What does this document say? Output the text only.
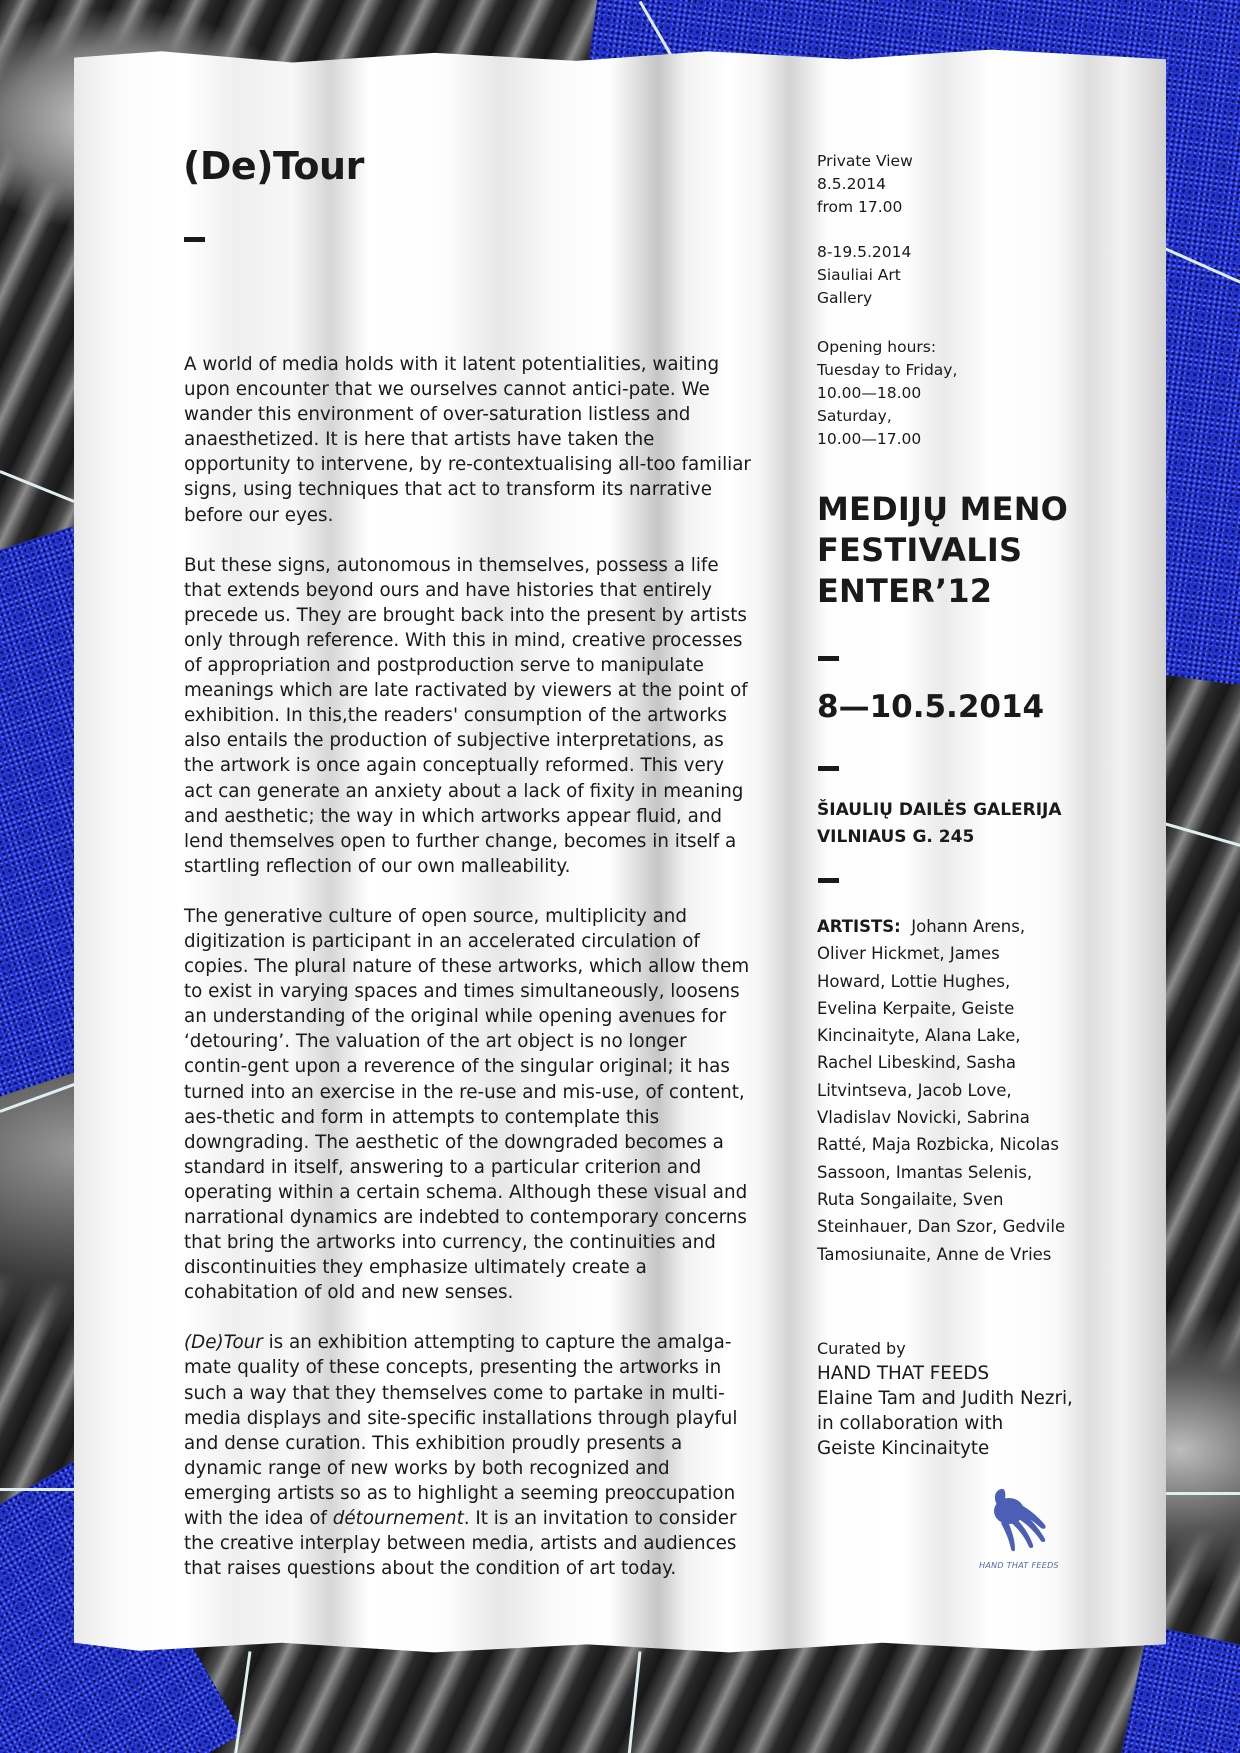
(De)Tour

A world of media holds with it latent potentialities, waiting upon encounter that we ourselves cannot antici-pate. We wander this environment of over-saturation listless and anaesthetized. It is here that artists have taken the opportunity to intervene, by re-contextualising all-too familiar signs, using techniques that act to transform its narrative before our eyes.

But these signs, autonomous in themselves, possess a life that extends beyond ours and have histories that entirely precede us. They are brought back into the present by artists only through reference. With this in mind, creative processes of appropriation and postproduction serve to manipulate meanings which are late ractivated by viewers at the point of exhibition. In this,the readers' consumption of the artworks also entails the production of subjective interpretations, as the artwork is once again conceptually reformed. This very act can generate an anxiety about a lack of fixity in meaning and aesthetic; the way in which artworks appear fluid, and lend themselves open to further change, becomes in itself a startling reflection of our own malleability.

The generative culture of open source, multiplicity and digitization is participant in an accelerated circulation of copies. The plural nature of these artworks, which allow them to exist in varying spaces and times simultaneously, loosens an understanding of the original while opening avenues for ‘detouring’. The valuation of the art object is no longer contin-gent upon a reverence of the singular original; it has turned into an exercise in the re-use and mis-use, of content, aes-thetic and form in attempts to contemplate this downgrading. The aesthetic of the downgraded becomes a standard in itself, answering to a particular criterion and operating within a certain schema. Although these visual and narrational dynamics are indebted to contemporary concerns that bring the artworks into currency, the continuities and discontinuities they emphasize ultimately create a cohabitation of old and new senses.

(De)Tour is an exhibition attempting to capture the amalga-mate quality of these concepts, presenting the artworks in such a way that they themselves come to partake in multi-media displays and site-specific installations through playful and dense curation. This exhibition proudly presents a dynamic range of new works by both recognized and emerging artists so as to highlight a seeming preoccupation with the idea of détournement. It is an invitation to consider the creative interplay between media, artists and audiences that raises questions about the condition of art today.

Private View
8.5.2014
from 17.00
8-19.5.2014
Siauliai Art
Gallery
Opening hours:
Tuesday to Friday,
10.00—18.00
Saturday,
10.00—17.00
MEDIJŲ MENO
FESTIVALIS
ENTER’12
8—10.5.2014
ŠIAULIŲ DAILĖS GALERIJA
VILNIAUS G. 245
ARTISTS: Johann Arens, Oliver Hickmet, James Howard, Lottie Hughes, Evelina Kerpaite, Geiste Kincinaityte, Alana Lake, Rachel Libeskind, Sasha Litvintseva, Jacob Love, Vladislav Novicki, Sabrina Ratté, Maja Rozbicka, Nicolas Sassoon, Imantas Selenis, Ruta Songailaite, Sven Steinhauer, Dan Szor, Gedvile Tamosiunaite, Anne de Vries
Curated by
HAND THAT FEEDS
Elaine Tam and Judith Nezri,
in collaboration with
Geiste Kincinaityte
HAND THAT FEEDS
